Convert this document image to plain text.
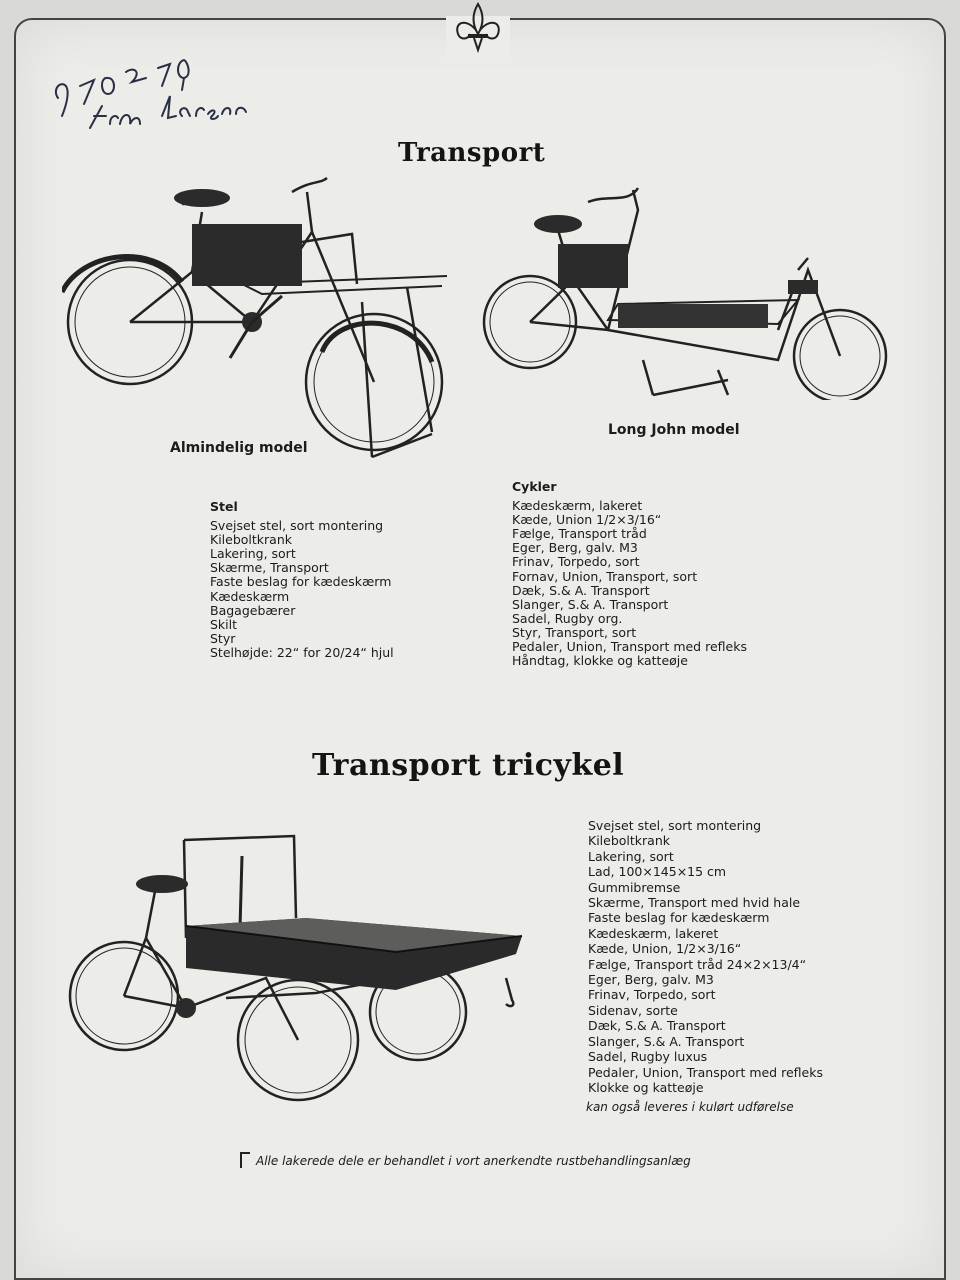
Transport
Almindelig model
Long John model
Stel
Svejset stel, sort montering
Kileboltkrank
Lakering, sort
Skærme, Transport
Faste beslag for kædeskærm
Kædeskærm
Bagagebærer
Skilt
Styr
Stelhøjde: 22“ for 20/24“ hjul
Cykler
Kædeskærm, lakeret
Kæde, Union 1/2×3/16“
Fælge, Transport tråd
Eger, Berg, galv. M3
Frinav, Torpedo, sort
Fornav, Union, Transport, sort
Dæk, S.& A. Transport
Slanger, S.& A. Transport
Sadel, Rugby org.
Styr, Transport, sort
Pedaler, Union, Transport med refleks
Håndtag, klokke og katteøje
Transport tricykel
Svejset stel, sort montering
Kileboltkrank
Lakering, sort
Lad, 100×145×15 cm
Gummibremse
Skærme, Transport med hvid hale
Faste beslag for kædeskærm
Kædeskærm, lakeret
Kæde, Union, 1/2×3/16“
Fælge, Transport tråd 24×2×13/4“
Eger, Berg, galv. M3
Frinav, Torpedo, sort
Sidenav, sorte
Dæk, S.& A. Transport
Slanger, S.& A. Transport
Sadel, Rugby luxus
Pedaler, Union, Transport med refleks
Klokke og katteøje
kan også leveres i kulørt udførelse
Alle lakerede dele er behandlet i vort anerkendte rustbehandlingsanlæg
